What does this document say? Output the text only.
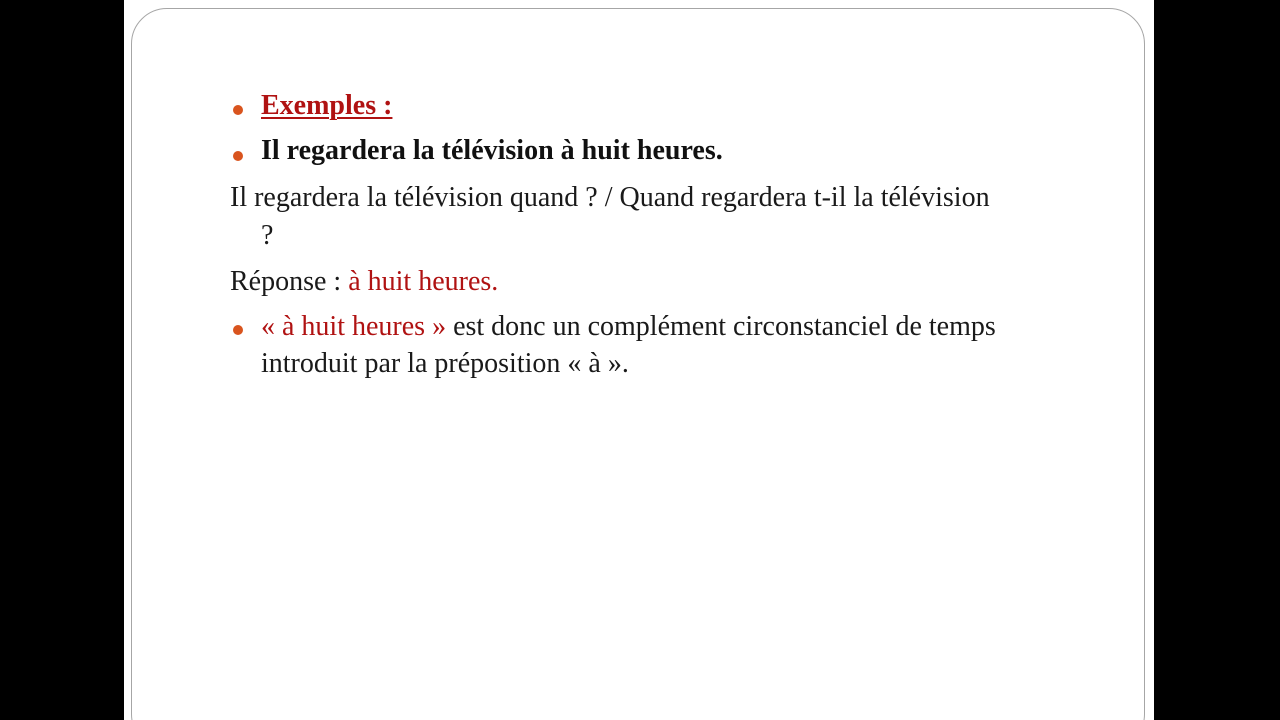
Exemples :
Il regardera la télévision à huit heures.
Il regardera la télévision quand ? / Quand regardera t-il la télévision
?
Réponse : à huit heures.
« à huit heures » est donc un complément circonstanciel de temps
introduit par la préposition « à ».
